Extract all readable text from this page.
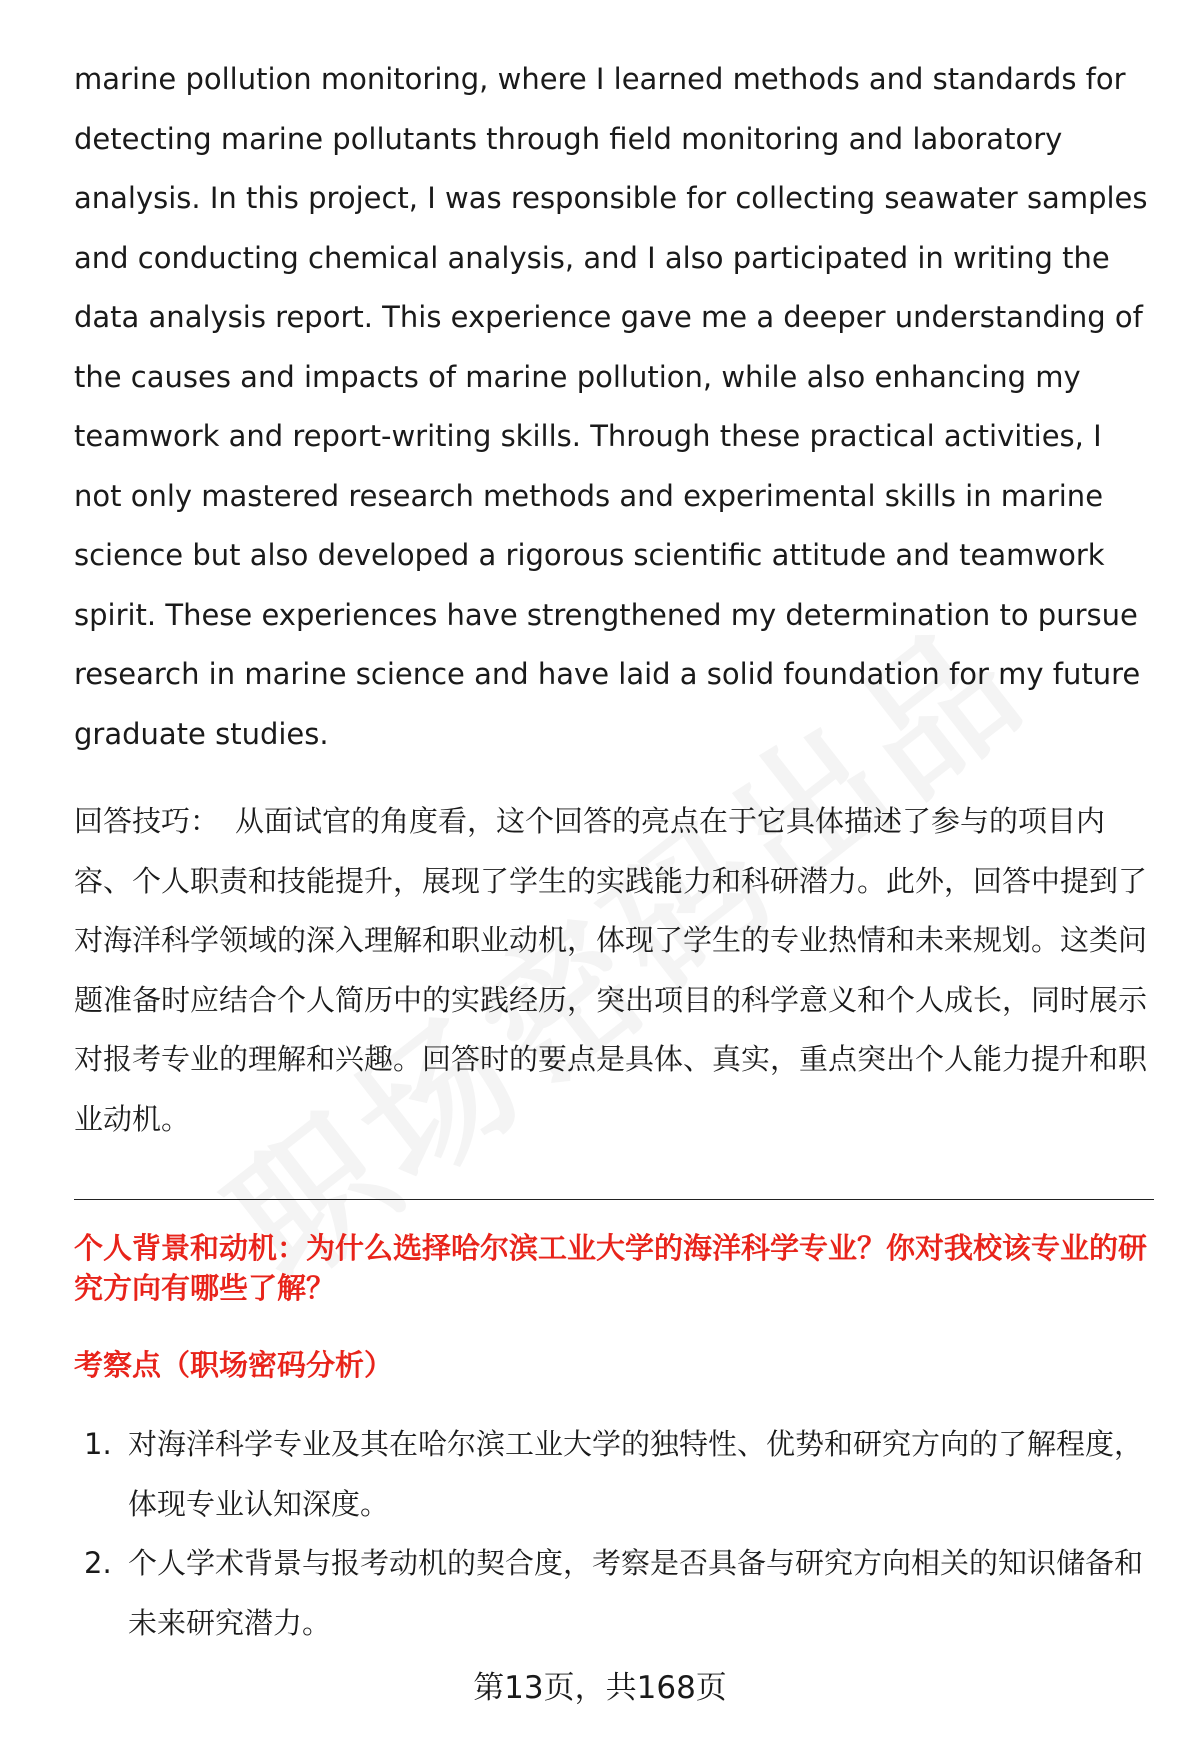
marine pollution monitoring, where I learned methods and standards for detecting marine pollutants through field monitoring and laboratory analysis. In this project, I was responsible for collecting seawater samples and conducting chemical analysis, and I also participated in writing the data analysis report. This experience gave me a deeper understanding of the causes and impacts of marine pollution, while also enhancing my teamwork and report-writing skills. Through these practical activities, I not only mastered research methods and experimental skills in marine science but also developed a rigorous scientific attitude and teamwork spirit. These experiences have strengthened my determination to pursue research in marine science and have laid a solid foundation for my future graduate studies.

回答技巧： 从面试官的角度看，这个回答的亮点在于它具体描述了参与的项目内容、个人职责和技能提升，展现了学生的实践能力和科研潜力。此外，回答中提到了对海洋科学领域的深入理解和职业动机，体现了学生的专业热情和未来规划。这类问题准备时应结合个人简历中的实践经历，突出项目的科学意义和个人成长，同时展示对报考专业的理解和兴趣。回答时的要点是具体、真实，重点突出个人能力提升和职业动机。

个人背景和动机：为什么选择哈尔滨工业大学的海洋科学专业？你对我校该专业的研究方向有哪些了解？

考察点（职场密码分析）

1. 对海洋科学专业及其在哈尔滨工业大学的独特性、优势和研究方向的了解程度，体现专业认知深度。
2. 个人学术背景与报考动机的契合度，考察是否具备与研究方向相关的知识储备和未来研究潜力。
第13页，共168页
